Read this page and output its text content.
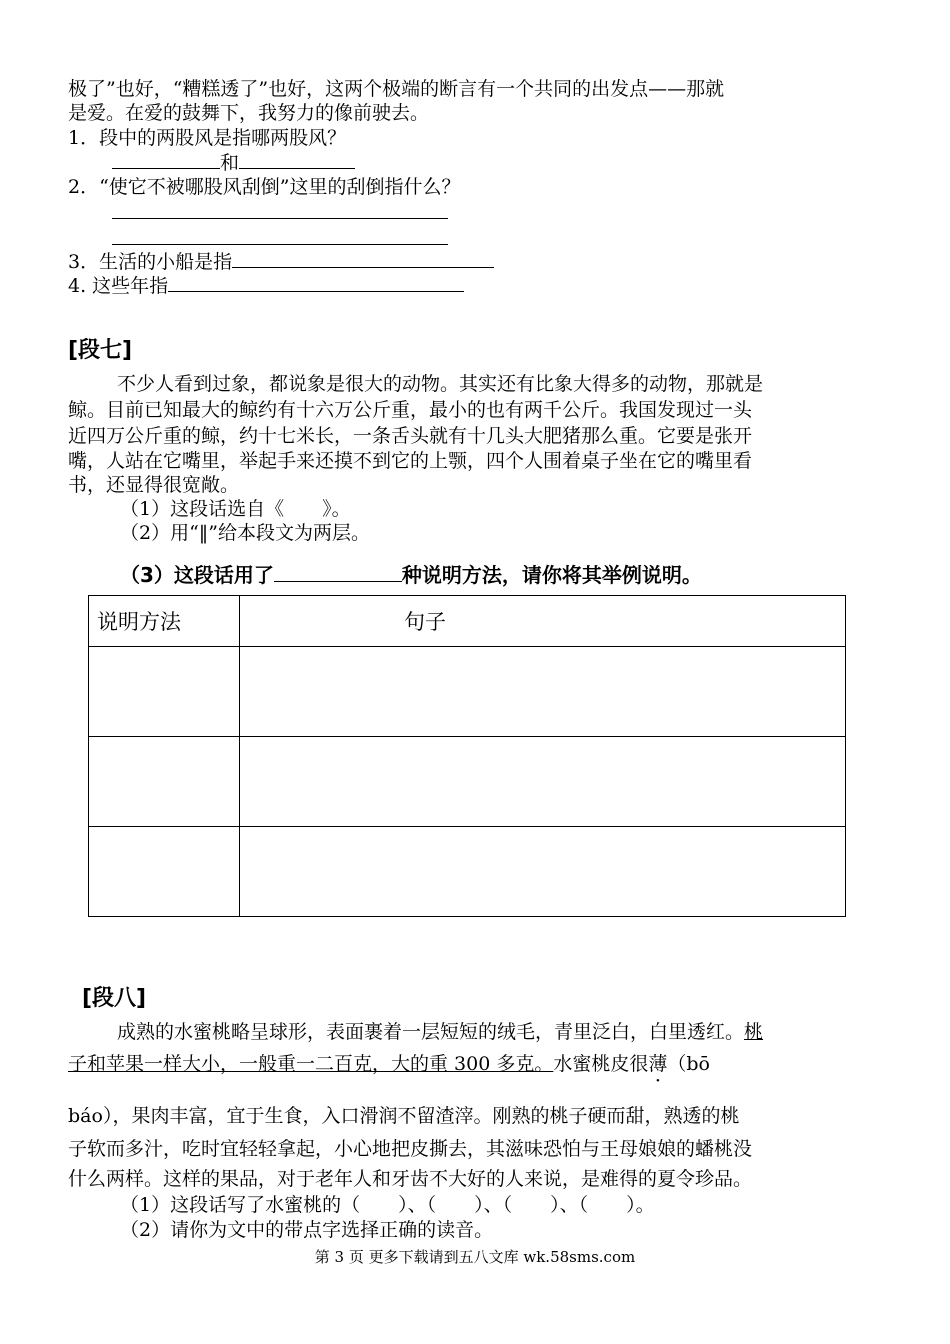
极了”也好，“糟糕透了”也好，这两个极端的断言有一个共同的出发点——那就
是爱。在爱的鼓舞下，我努力的像前驶去。
1．段中的两股风是指哪两股风？
和
2．“使它不被哪股风刮倒”这里的刮倒指什么？
3．生活的小船是指
4. 这些年指
[段七]
不少人看到过象，都说象是很大的动物。其实还有比象大得多的动物，那就是
鲸。目前已知最大的鲸约有十六万公斤重，最小的也有两千公斤。我国发现过一头
近四万公斤重的鲸，约十七米长，一条舌头就有十几头大肥猪那么重。它要是张开
嘴，人站在它嘴里，举起手来还摸不到它的上颚，四个人围着桌子坐在它的嘴里看
书，还显得很宽敞。
（1）这段话选自《　　》。
（2）用“‖”给本段文为两层。
（3）这段话用了	种说明方法，请你将其举例说明。
说明方法	句子

[段八]
成熟的水蜜桃略呈球形，表面裹着一层短短的绒毛，青里泛白，白里透红。桃
子和苹果一样大小，一般重一二百克，大的重 300 多克。水蜜桃皮很薄（bō
báo），果肉丰富，宜于生食，入口滑润不留渣滓。刚熟的桃子硬而甜，熟透的桃
子软而多汁，吃时宜轻轻拿起，小心地把皮撕去，其滋味恐怕与王母娘娘的蟠桃没
什么两样。这样的果品，对于老年人和牙齿不大好的人来说，是难得的夏令珍品。
（1）这段话写了水蜜桃的（　　）、（　　）、（　　）、（　　）。
（2）请你为文中的带点字选择正确的读音。
第 3 页 更多下载请到五八文库 wk.58sms.com
